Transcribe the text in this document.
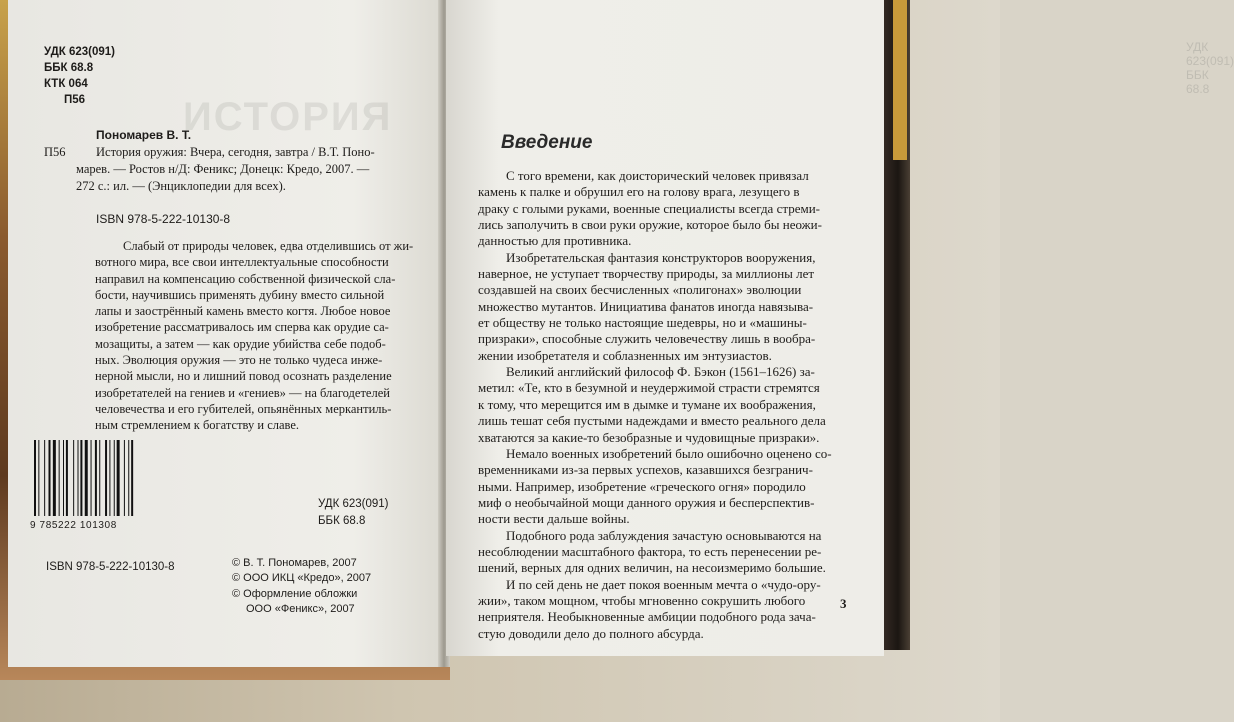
ИСТОРИЯ
УДК 623(091)
ББК 68.8
УДК 623(091)
ББК 68.8
КТК 064
П56
Пономарев В. Т.
П56 История оружия: Вчера, сегодня, завтра / В.Т. Поно-
марев. — Ростов н/Д: Феникс; Донецк: Кредо, 2007. —
272 с.: ил. — (Энциклопедии для всех).
ISBN 978-5-222-10130-8
Слабый от природы человек, едва отделившись от жи-
вотного мира, все свои интеллектуальные способности
направил на компенсацию собственной физической сла-
бости, научившись применять дубину вместо сильной
лапы и заострённый камень вместо когтя. Любое новое
изобретение рассматривалось им сперва как орудие са-
мозащиты, а затем — как орудие убийства себе подоб-
ных. Эволюция оружия — это не только чудеса инже-
нерной мысли, но и лишний повод осознать разделение
изобретателей на гениев и «гениев» — на благодетелей
человечества и его губителей, опьянённых меркантиль-
ным стремлением к богатству и славе.
9 785222 101308
УДК 623(091)
ББК 68.8
ISBN 978-5-222-10130-8	© В. Т. Пономарев, 2007
© ООО ИКЦ «Кредо», 2007
© Оформление обложки
ООО «Феникс», 2007
Введение
С того времени, как доисторический человек привязал
камень к палке и обрушил его на голову врага, лезущего в
драку с голыми руками, военные специалисты всегда стреми-
лись заполучить в свои руки оружие, которое было бы неожи-
данностью для противника.
Изобретательская фантазия конструкторов вооружения,
наверное, не уступает творчеству природы, за миллионы лет
создавшей на своих бесчисленных «полигонах» эволюции
множество мутантов. Инициатива фанатов иногда навязыва-
ет обществу не только настоящие шедевры, но и «машины-
призраки», способные служить человечеству лишь в вообра-
жении изобретателя и соблазненных им энтузиастов.
Великий английский философ Ф. Бэкон (1561–1626) за-
метил: «Те, кто в безумной и неудержимой страсти стремятся
к тому, что мерещится им в дымке и тумане их воображения,
лишь тешат себя пустыми надеждами и вместо реального дела
хватаются за какие-то безобразные и чудовищные призраки».
Немало военных изобретений было ошибочно оценено со-
временниками из-за первых успехов, казавшихся безгранич-
ными. Например, изобретение «греческого огня» породило
миф о необычайной мощи данного оружия и бесперспектив-
ности вести дальше войны.
Подобного рода заблуждения зачастую основываются на
несоблюдении масштабного фактора, то есть перенесении ре-
шений, верных для одних величин, на несоизмеримо большие.
И по сей день не дает покоя военным мечта о «чудо-ору-
жии», таком мощном, чтобы мгновенно сокрушить любого
неприятеля. Необыкновенные амбиции подобного рода зача-
стую доводили дело до полного абсурда.
3
